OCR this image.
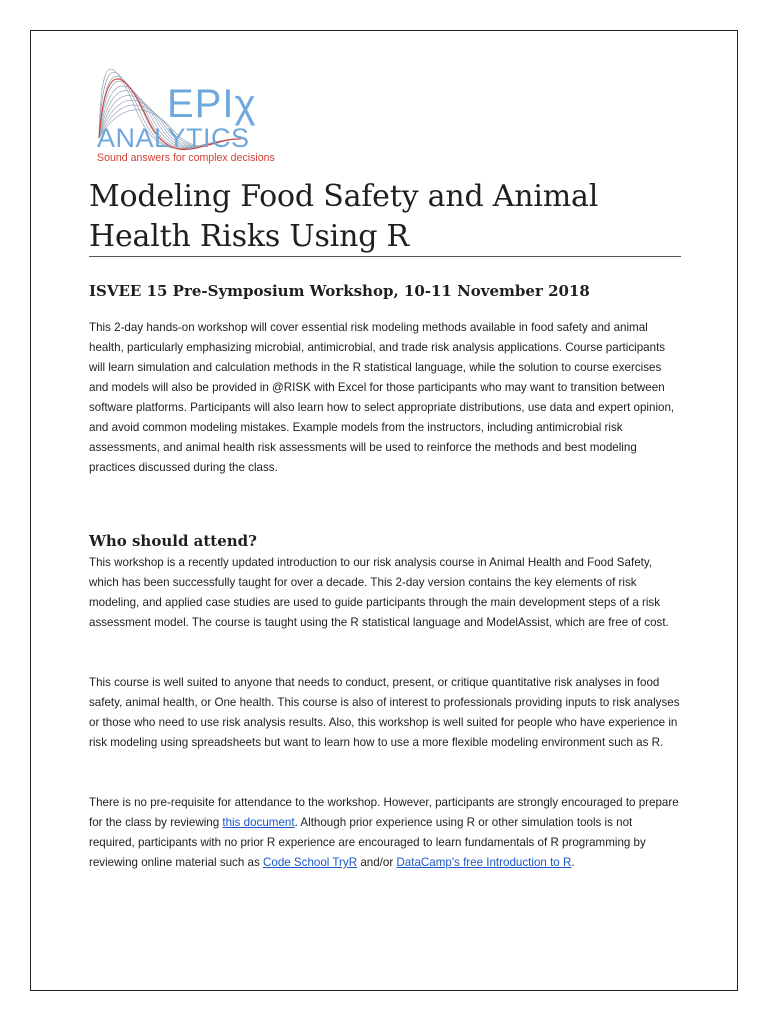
EPIχ
ANALYTICS
Sound answers for complex decisions
Modeling Food Safety and Animal Health Risks Using R
ISVEE 15 Pre-Symposium Workshop, 10-11 November 2018

This 2-day hands-on workshop will cover essential risk modeling methods available in food safety and animal health, particularly emphasizing microbial, antimicrobial, and trade risk analysis applications. Course participants will learn simulation and calculation methods in the R statistical language, while the solution to course exercises and models will also be provided in @RISK with Excel for those participants who may want to transition between software platforms. Participants will also learn how to select appropriate distributions, use data and expert opinion, and avoid common modeling mistakes. Example models from the instructors, including antimicrobial risk assessments, and animal health risk assessments will be used to reinforce the methods and best modeling practices discussed during the class.

Who should attend?

This workshop is a recently updated introduction to our risk analysis course in Animal Health and Food Safety, which has been successfully taught for over a decade. This 2-day version contains the key elements of risk modeling, and applied case studies are used to guide participants through the main development steps of a risk assessment model. The course is taught using the R statistical language and ModelAssist, which are free of cost.

This course is well suited to anyone that needs to conduct, present, or critique quantitative risk analyses in food safety, animal health, or One health. This course is also of interest to professionals providing inputs to risk analyses or those who need to use risk analysis results. Also, this workshop is well suited for people who have experience in risk modeling using spreadsheets but want to learn how to use a more flexible modeling environment such as R.

There is no pre-requisite for attendance to the workshop. However, participants are strongly encouraged to prepare for the class by reviewing this document. Although prior experience using R or other simulation tools is not required, participants with no prior R experience are encouraged to learn fundamentals of R programming by reviewing online material such as Code School TryR and/or DataCamp's free Introduction to R.
